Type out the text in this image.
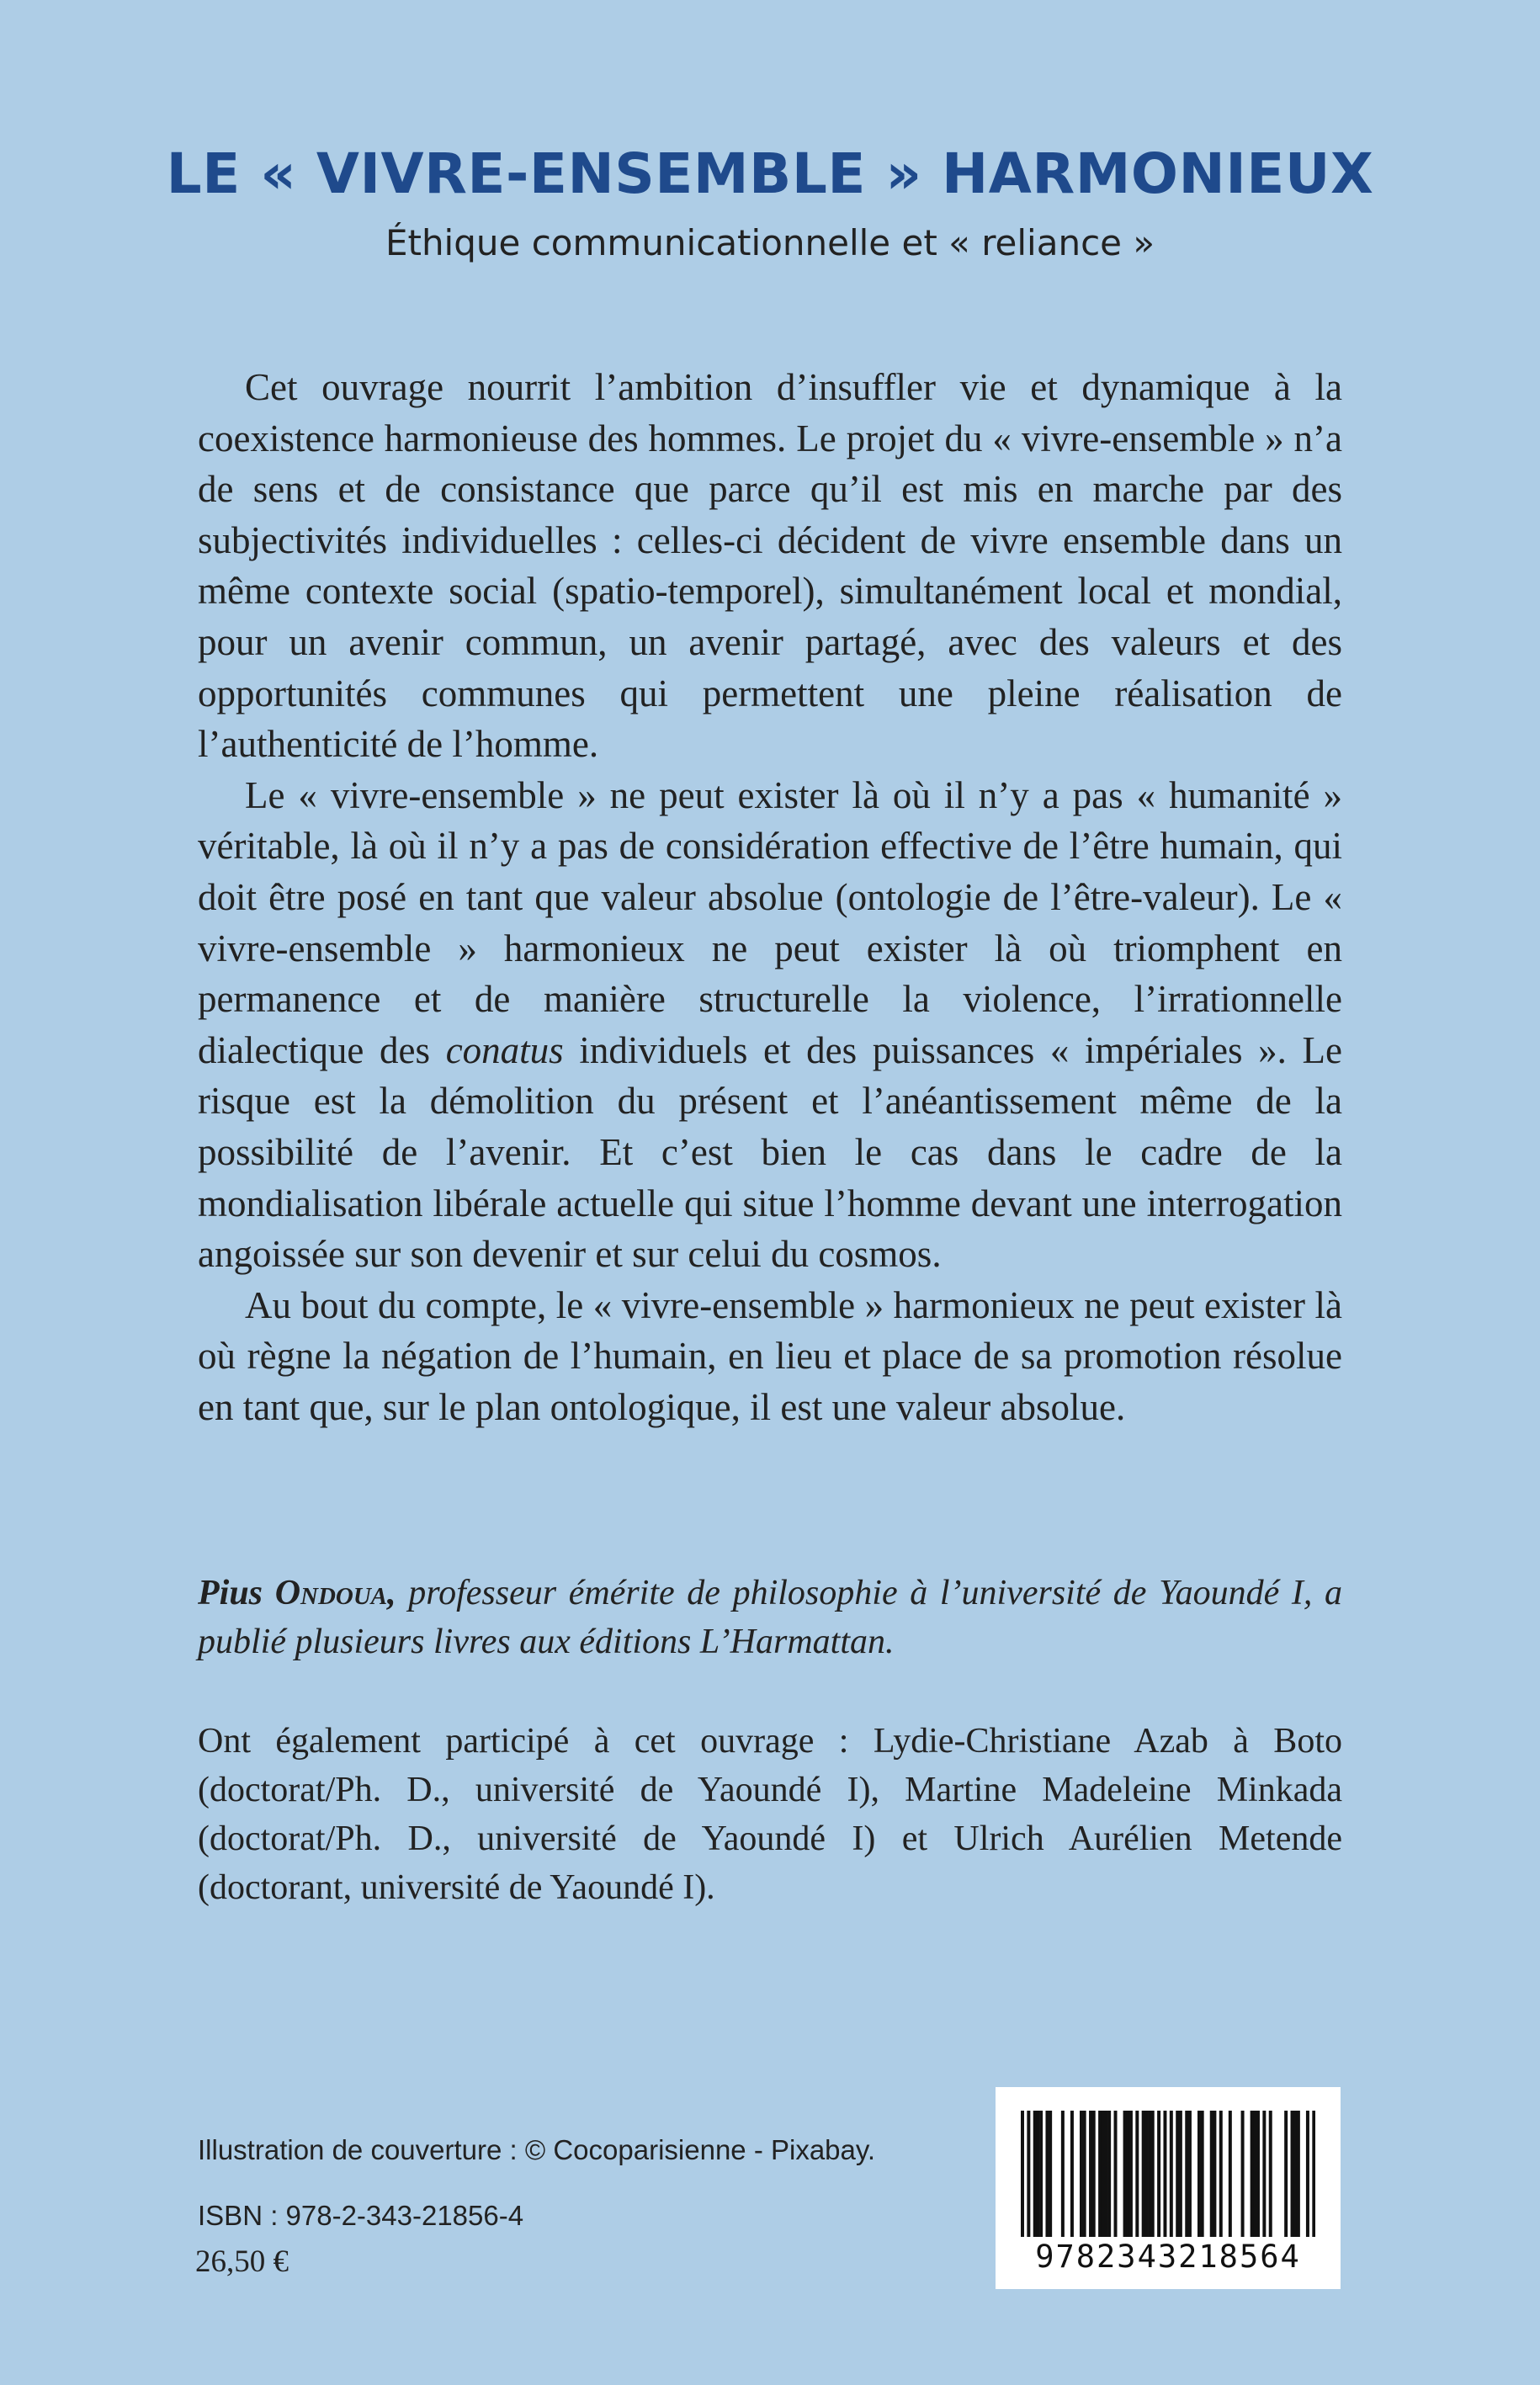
LE « VIVRE-ENSEMBLE » HARMONIEUX
Éthique communicationnelle et « reliance »

Cet ouvrage nourrit l’ambition d’insuffler vie et dynamique à la coexistence harmonieuse des hommes. Le projet du « vivre-ensemble » n’a de sens et de consistance que parce qu’il est mis en marche par des subjectivités individuelles : celles-ci décident de vivre ensemble dans un même contexte social (spatio-temporel), simultanément local et mondial, pour un avenir commun, un avenir partagé, avec des valeurs et des opportunités communes qui permettent une pleine réalisation de l’authenticité de l’homme.

Le « vivre-ensemble » ne peut exister là où il n’y a pas « humanité » véritable, là où il n’y a pas de considération effective de l’être humain, qui doit être posé en tant que valeur absolue (ontologie de l’être-valeur). Le « vivre-ensemble » harmonieux ne peut exister là où triomphent en permanence et de manière structurelle la violence, l’irrationnelle dialectique des conatus individuels et des puissances « impériales ». Le risque est la démolition du présent et l’anéantissement même de la possibilité de l’avenir. Et c’est bien le cas dans le cadre de la mondialisation libérale actuelle qui situe l’homme devant une interrogation angoissée sur son devenir et sur celui du cosmos.

Au bout du compte, le « vivre-ensemble » harmonieux ne peut exister là où règne la négation de l’humain, en lieu et place de sa promotion résolue en tant que, sur le plan ontologique, il est une valeur absolue.

Pius Ondoua, professeur émérite de philosophie à l’université de Yaoundé I, a publié plusieurs livres aux éditions L’Harmattan.
Ont également participé à cet ouvrage : Lydie-Christiane Azab à Boto (doctorat/Ph. D., université de Yaoundé I), Martine Madeleine Minkada (doctorat/Ph. D., université de Yaoundé I) et Ulrich Aurélien Metende (doctorant, université de Yaoundé I).
Illustration de couverture : © Cocoparisienne - Pixabay.
ISBN : 978-2-343-21856-4
26,50 €	9782343218564
